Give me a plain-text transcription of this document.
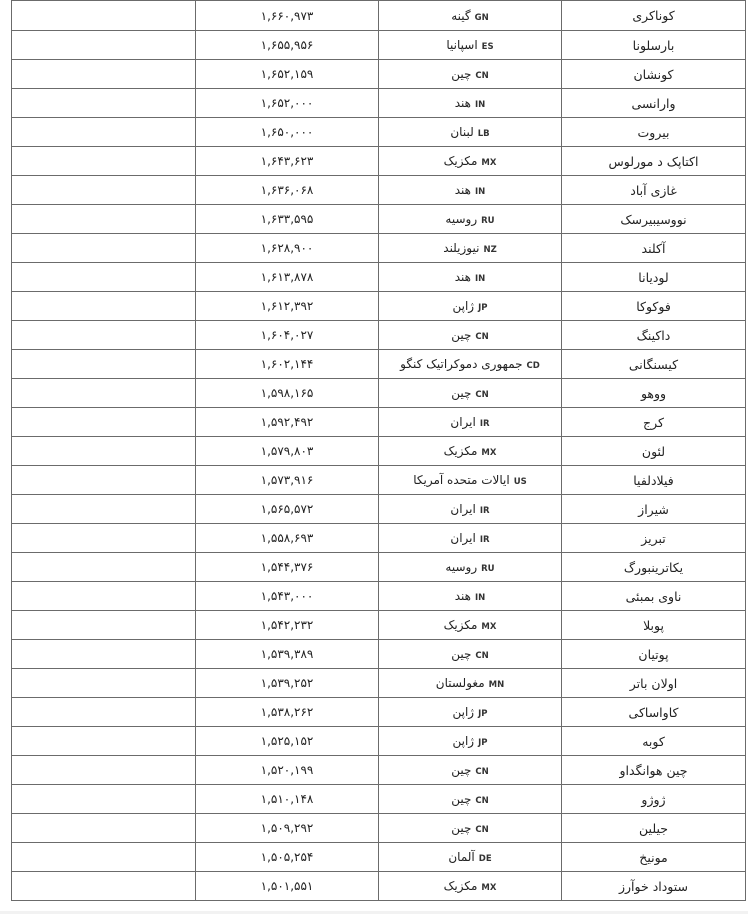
کوناکری	GNگینه	۱,۶۶۰,۹۷۳	
بارسلونا	ESاسپانیا	۱,۶۵۵,۹۵۶	
کونشان	CNچین	۱,۶۵۲,۱۵۹	
وارانسی	INهند	۱,۶۵۲,۰۰۰	
بیروت	LBلبنان	۱,۶۵۰,۰۰۰	
اکتاپک د مورلوس	MXمکزیک	۱,۶۴۳,۶۲۳	
غازی آباد	INهند	۱,۶۳۶,۰۶۸	
نووسیبیرسک	RUروسیه	۱,۶۳۳,۵۹۵	
آکلند	NZنیوزیلند	۱,۶۲۸,۹۰۰	
لودیانا	INهند	۱,۶۱۳,۸۷۸	
فوکوکا	JPژاپن	۱,۶۱۲,۳۹۲	
داکینگ	CNچین	۱,۶۰۴,۰۲۷	
کیسنگانی	CDجمهوری دموکراتیک کنگو	۱,۶۰۲,۱۴۴	
ووهو	CNچین	۱,۵۹۸,۱۶۵	
کرج	IRایران	۱,۵۹۲,۴۹۲	
لئون	MXمکزیک	۱,۵۷۹,۸۰۳	
فیلادلفیا	USایالات متحده آمریکا	۱,۵۷۳,۹۱۶	
شیراز	IRایران	۱,۵۶۵,۵۷۲	
تبریز	IRایران	۱,۵۵۸,۶۹۳	
یکاترینبورگ	RUروسیه	۱,۵۴۴,۳۷۶	
ناوی بمبئی	INهند	۱,۵۴۳,۰۰۰	
پوبلا	MXمکزیک	۱,۵۴۲,۲۳۲	
پوتیان	CNچین	۱,۵۳۹,۳۸۹	
اولان باتر	MNمغولستان	۱,۵۳۹,۲۵۲	
کاواساکی	JPژاپن	۱,۵۳۸,۲۶۲	
کوبه	JPژاپن	۱,۵۲۵,۱۵۲	
چین هوانگداو	CNچین	۱,۵۲۰,۱۹۹	
ژوژو	CNچین	۱,۵۱۰,۱۴۸	
جیلین	CNچین	۱,۵۰۹,۲۹۲	
مونیخ	DEآلمان	۱,۵۰۵,۲۵۴	
ستوداد خوآرز	MXمکزیک	۱,۵۰۱,۵۵۱	
